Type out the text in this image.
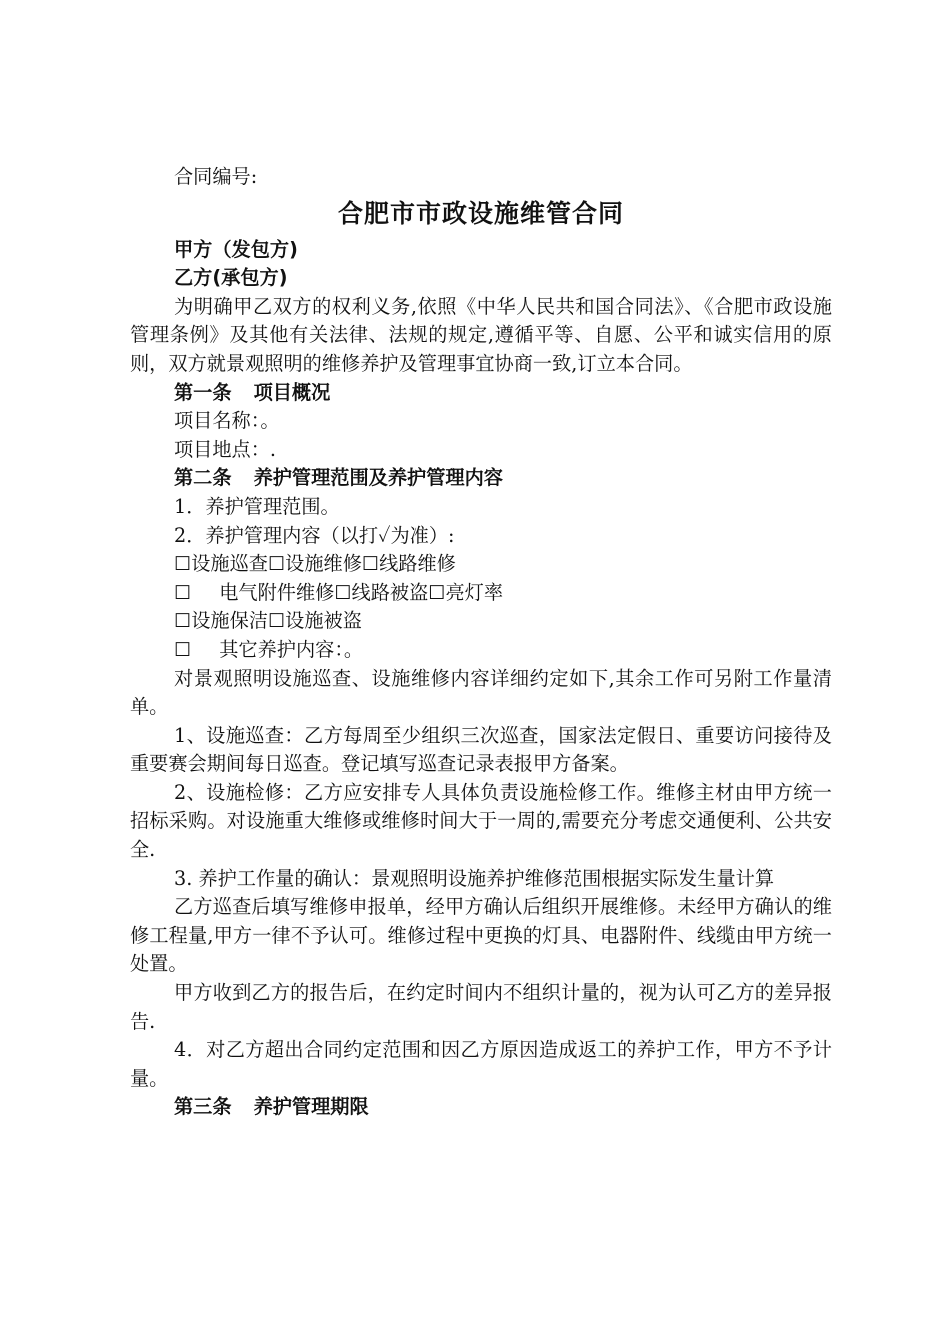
合同编号:
合肥市市政设施维管合同
甲方（发包方)
乙方(承包方)

为明确甲乙双方的权利义务,依照《中华人民共和国合同法》、《合肥市政设施管理条例》及其他有关法律、法规的规定,遵循平等、自愿、公平和诚实信用的原则，双方就景观照明的维修养护及管理事宜协商一致,订立本合同。

第一条 项目概况
项目名称：。
项目地点：.
第二条 养护管理范围及养护管理内容
1．养护管理范围。
2．养护管理内容（以打✓为准）:
☐设施巡查☐设施维修☐线路维修
☐ 电气附件维修☐线路被盗☐亮灯率
☐设施保洁☐设施被盗
☐ 其它养护内容：。

对景观照明设施巡查、设施维修内容详细约定如下,其余工作可另附工作量清单。

1、设施巡查：乙方每周至少组织三次巡查，国家法定假日、重要访问接待及重要赛会期间每日巡查。登记填写巡查记录表报甲方备案。

2、设施检修：乙方应安排专人具体负责设施检修工作。维修主材由甲方统一招标采购。对设施重大维修或维修时间大于一周的,需要充分考虑交通便利、公共安全.

3. 养护工作量的确认：景观照明设施养护维修范围根据实际发生量计算

乙方巡查后填写维修申报单，经甲方确认后组织开展维修。未经甲方确认的维修工程量,甲方一律不予认可。维修过程中更换的灯具、电器附件、线缆由甲方统一处置。

甲方收到乙方的报告后，在约定时间内不组织计量的，视为认可乙方的差异报告.

4．对乙方超出合同约定范围和因乙方原因造成返工的养护工作，甲方不予计量。

第三条 养护管理期限
